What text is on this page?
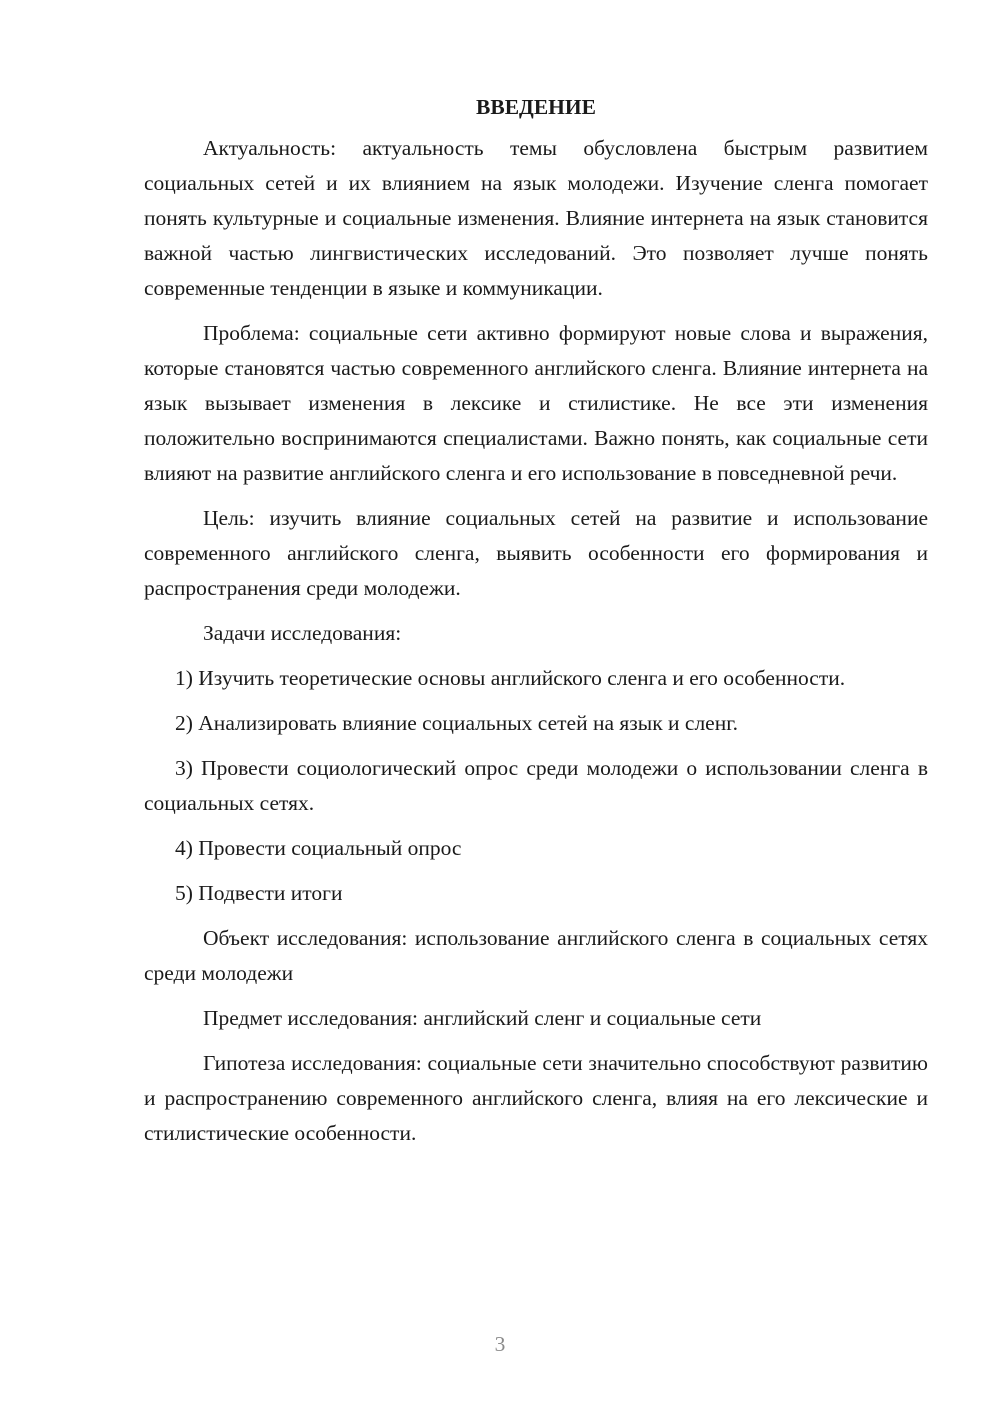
ВВЕДЕНИЕ

Актуальность: актуальность темы обусловлена быстрым развитием социальных сетей и их влиянием на язык молодежи. Изучение сленга помогает понять культурные и социальные изменения. Влияние интернета на язык становится важной частью лингвистических исследований. Это позволяет лучше понять современные тенденции в языке и коммуникации.

Проблема: социальные сети активно формируют новые слова и выражения, которые становятся частью современного английского сленга. Влияние интернета на язык вызывает изменения в лексике и стилистике. Не все эти изменения положительно воспринимаются специалистами. Важно понять, как социальные сети влияют на развитие английского сленга и его использование в повседневной речи.

Цель: изучить влияние социальных сетей на развитие и использование современного английского сленга, выявить особенности его формирования и распространения среди молодежи.

Задачи исследования:

1) Изучить теоретические основы английского сленга и его особенности.

2) Анализировать влияние социальных сетей на язык и сленг.

3) Провести социологический опрос среди молодежи о использовании сленга в социальных сетях.

4) Провести социальный опрос

5) Подвести итоги

Объект исследования: использование английского сленга в социальных сетях среди молодежи

Предмет исследования: английский сленг и социальные сети

Гипотеза исследования: социальные сети значительно способствуют развитию и распространению современного английского сленга, влияя на его лексические и стилистические особенности.

3
